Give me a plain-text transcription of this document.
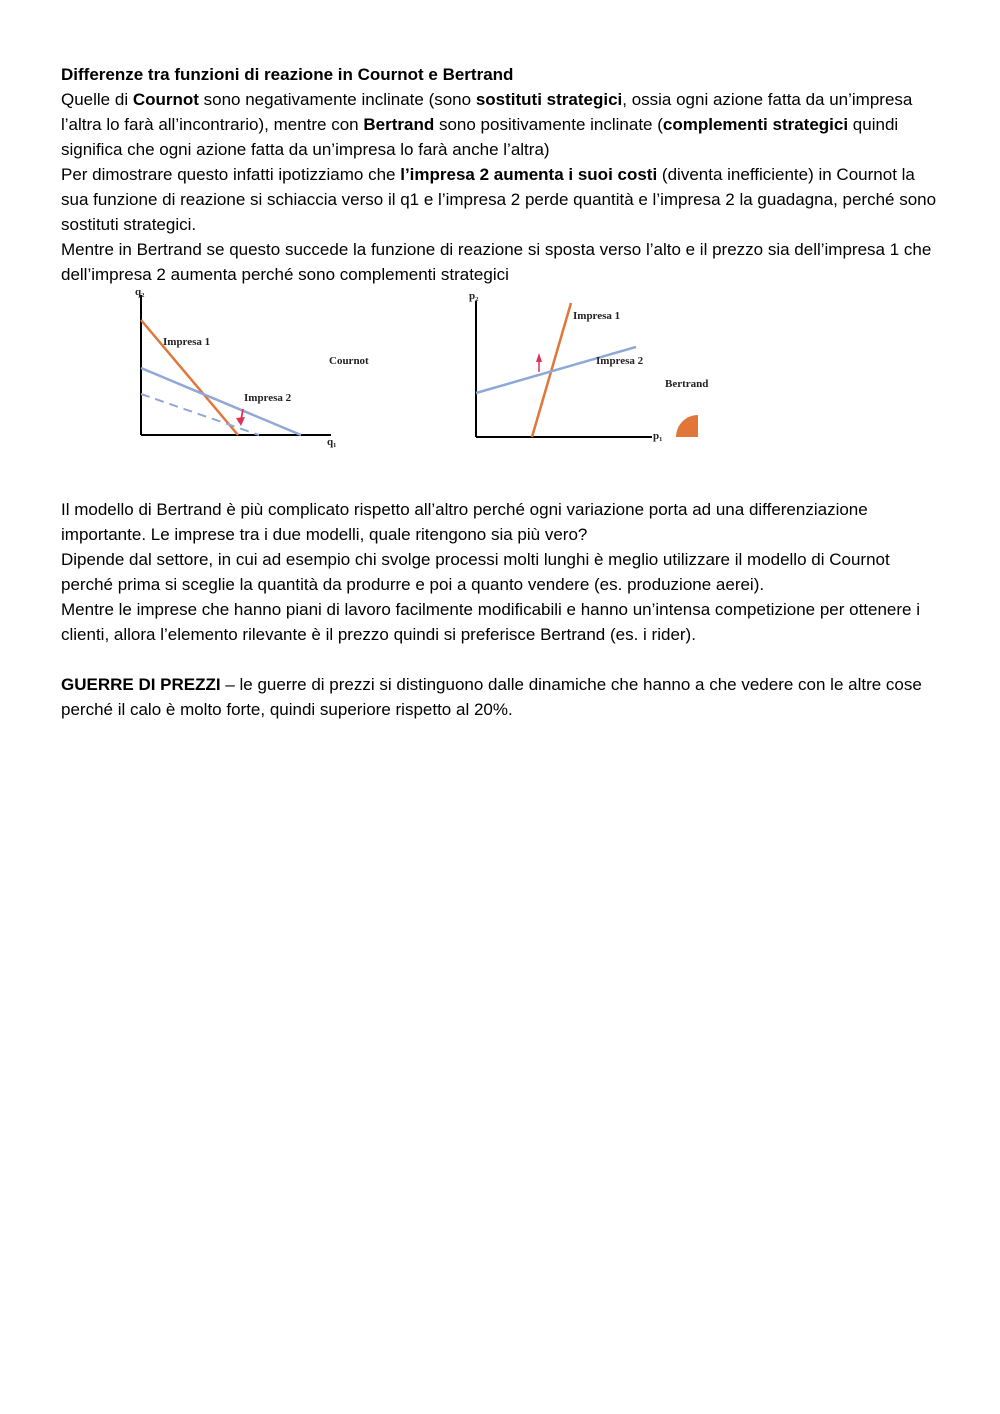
Differenze tra funzioni di reazione in Cournot e Bertrand

Quelle di Cournot sono negativamente inclinate (sono sostituti strategici, ossia ogni azione fatta da un’impresa l’altra lo farà all’incontrario), mentre con Bertrand sono positivamente inclinate (complementi strategici quindi significa che ogni azione fatta da un’impresa lo farà anche l’altra)

Per dimostrare questo infatti ipotizziamo che l’impresa 2 aumenta i suoi costi (diventa inefficiente) in Cournot la sua funzione di reazione si schiaccia verso il q1 e l’impresa 2 perde quantità e l’impresa 2 la guadagna, perché sono sostituti strategici.

Mentre in Bertrand se questo succede la funzione di reazione si sposta verso l’alto e il prezzo sia dell’impresa 1 che dell’impresa 2 aumenta perché sono complementi strategici

q₂
q₁
Impresa 1
Impresa 2
Cournot
p₂
p₁
Impresa 1
Impresa 2
Bertrand

Il modello di Bertrand è più complicato rispetto all’altro perché ogni variazione porta ad una differenziazione importante. Le imprese tra i due modelli, quale ritengono sia più vero?

Dipende dal settore, in cui ad esempio chi svolge processi molti lunghi è meglio utilizzare il modello di Cournot perché prima si sceglie la quantità da produrre e poi a quanto vendere (es. produzione aerei).

Mentre le imprese che hanno piani di lavoro facilmente modificabili e hanno un’intensa competizione per ottenere i clienti, allora l’elemento rilevante è il prezzo quindi si preferisce Bertrand (es. i rider).

GUERRE DI PREZZI – le guerre di prezzi si distinguono dalle dinamiche che hanno a che vedere con le altre cose perché il calo è molto forte, quindi superiore rispetto al 20%.
